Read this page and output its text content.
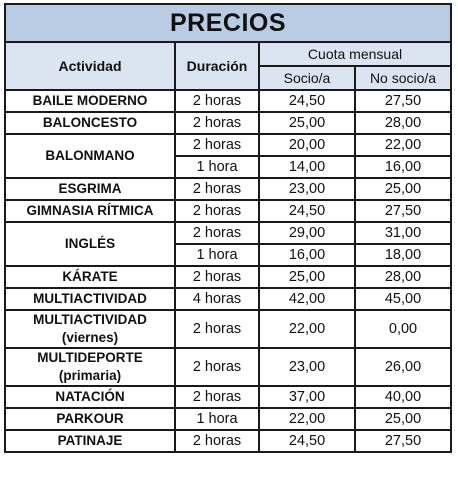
PRECIOS			
Actividad	Duración	Cuota mensual	
		Socio/a	No socio/a
BAILE MODERNO	2 horas	24,50	27,50
BALONCESTO	2 horas	25,00	28,00
BALONMANO	2 horas	20,00	22,00
	1 hora	14,00	16,00
ESGRIMA	2 horas	23,00	25,00
GIMNASIA RÍTMICA	2 horas	24,50	27,50
INGLÉS	2 horas	29,00	31,00
	1 hora	16,00	18,00
KÁRATE	2 horas	25,00	28,00
MULTIACTIVIDAD	4 horas	42,00	45,00
MULTIACTIVIDAD
(viernes)	2 horas	22,00	0,00
MULTIDEPORTE
(primaria)	2 horas	23,00	26,00
NATACIÓN	2 horas	37,00	40,00
PARKOUR	1 hora	22,00	25,00
PATINAJE	2 horas	24,50	27,50
